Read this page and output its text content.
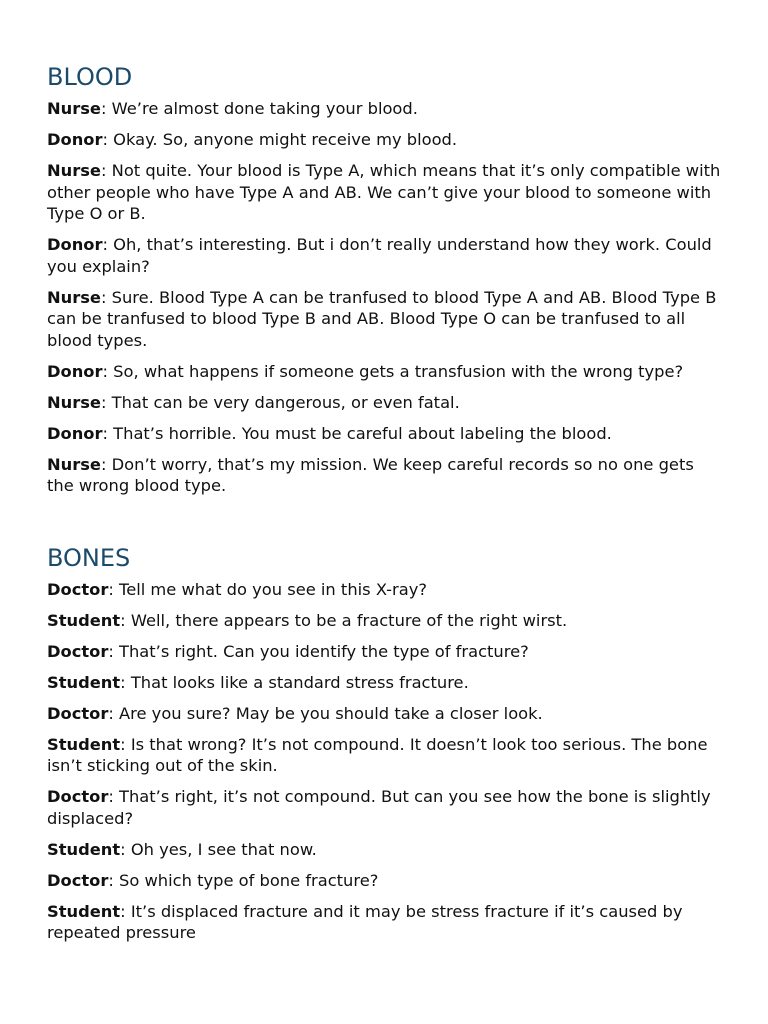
BLOOD

Nurse: We’re almost done taking your blood.

Donor: Okay. So, anyone might receive my blood.

Nurse: Not quite. Your blood is Type A, which means that it’s only compatible with other people who have Type A and AB. We can’t give your blood to someone with Type O or B.

Donor: Oh, that’s interesting. But i don’t really understand how they work. Could you explain?

Nurse: Sure. Blood Type A can be tranfused to blood Type A and AB. Blood Type B can be tranfused to blood Type B and AB. Blood Type O can be tranfused to all blood types.

Donor: So, what happens if someone gets a transfusion with the wrong type?

Nurse: That can be very dangerous, or even fatal.

Donor: That’s horrible. You must be careful about labeling the blood.

Nurse: Don’t worry, that’s my mission. We keep careful records so no one gets the wrong blood type.

BONES

Doctor: Tell me what do you see in this X-ray?

Student: Well, there appears to be a fracture of the right wirst.

Doctor: That’s right. Can you identify the type of fracture?

Student: That looks like a standard stress fracture.

Doctor: Are you sure? May be you should take a closer look.

Student: Is that wrong? It’s not compound. It doesn’t look too serious. The bone isn’t sticking out of the skin.

Doctor: That’s right, it’s not compound. But can you see how the bone is slightly displaced?

Student: Oh yes, I see that now.

Doctor: So which type of bone fracture?

Student: It’s displaced fracture and it may be stress fracture if it’s caused by repeated pressure
